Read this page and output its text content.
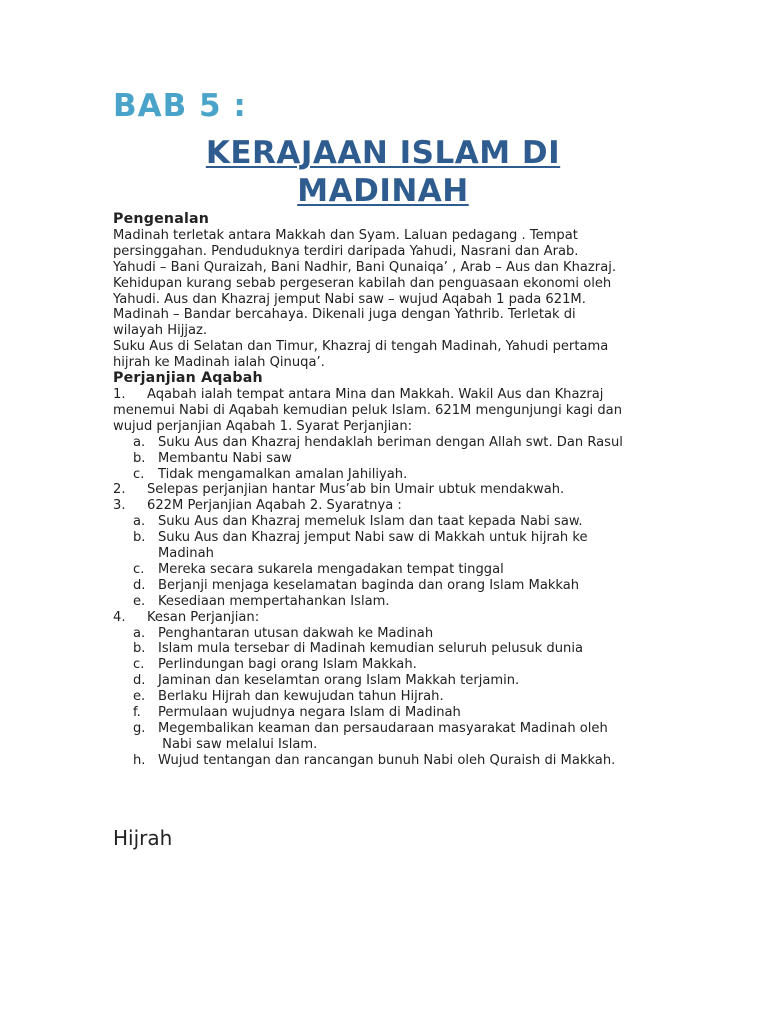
BAB 5 :
KERAJAAN ISLAM DI
MADINAH

Pengenalan

Madinah terletak antara Makkah dan Syam. Laluan pedagang . Tempat

persinggahan. Penduduknya terdiri daripada Yahudi, Nasrani dan Arab.

Yahudi – Bani Quraizah, Bani Nadhir, Bani Qunaiqa’ , Arab – Aus dan Khazraj.

Kehidupan kurang sebab pergeseran kabilah dan penguasaan ekonomi oleh

Yahudi. Aus dan Khazraj jemput Nabi saw – wujud Aqabah 1 pada 621M.

Madinah – Bandar bercahaya. Dikenali juga dengan Yathrib. Terletak di

wilayah Hijjaz.

Suku Aus di Selatan dan Timur, Khazraj di tengah Madinah, Yahudi pertama

hijrah ke Madinah ialah Qinuqa’.

Perjanjian Aqabah

1.	Aqabah ialah tempat antara Mina dan Makkah. Wakil Aus dan Khazraj

menemui Nabi di Aqabah kemudian peluk Islam. 621M mengunjungi kagi dan

wujud perjanjian Aqabah 1. Syarat Perjanjian:

a. Suku Aus dan Khazraj hendaklah beriman dengan Allah swt. Dan Rasul
b. Membantu Nabi saw
c.	Tidak mengamalkan amalan Jahiliyah.
2.	Selepas perjanjian hantar Mus’ab bin Umair ubtuk mendakwah.
3.	622M Perjanjian Aqabah 2. Syaratnya :
a. Suku Aus dan Khazraj memeluk Islam dan taat kepada Nabi saw.
b. Suku Aus dan Khazraj jemput Nabi saw di Makkah untuk hijrah ke
Madinah
c.	Mereka secara sukarela mengadakan tempat tinggal
d. Berjanji menjaga keselamatan baginda dan orang Islam Makkah
e. Kesediaan mempertahankan Islam.
4.	Kesan Perjanjian:
a. Penghantaran utusan dakwah ke Madinah
b. Islam mula tersebar di Madinah kemudian seluruh pelusuk dunia
c.	Perlindungan bagi orang Islam Makkah.
d. Jaminan dan keselamtan orang Islam Makkah terjamin.
e. Berlaku Hijrah dan kewujudan tahun Hijrah.
f.	Permulaan wujudnya negara Islam di Madinah
g. Megembalikan keaman dan persaudaraan masyarakat Madinah oleh
Nabi saw melalui Islam.
h. Wujud tentangan dan rancangan bunuh Nabi oleh Quraish di Makkah.
Hijrah
